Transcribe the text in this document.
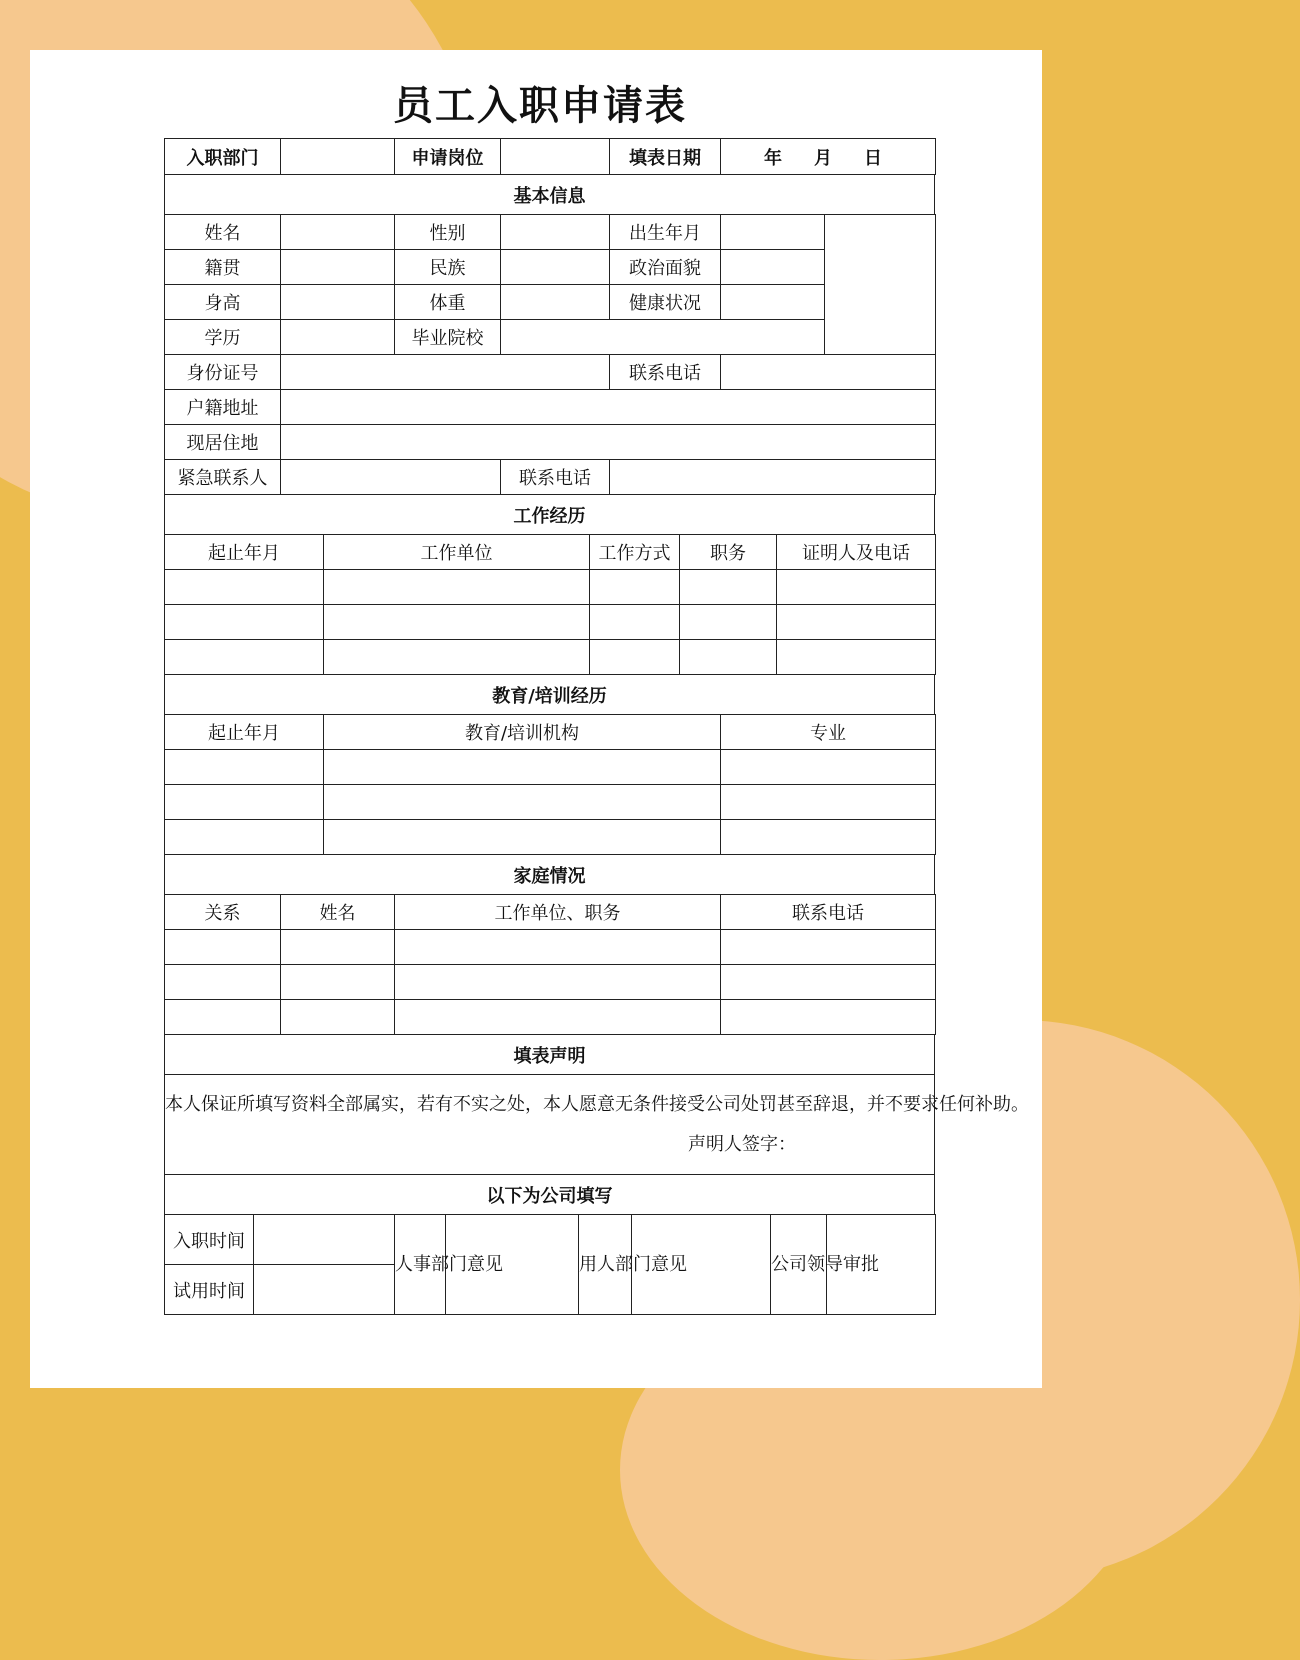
员工入职申请表
入职部门		申请岗位		填表日期	年 月 日
基本信息
姓名		性别		出生年月		
籍贯		民族		政治面貌		
身高		体重		健康状况		
学历		毕业院校				
身份证号				联系电话		
户籍地址						
现居住地						
紧急联系人			联系电话			
工作经历
起止年月	工作单位	工作方式	职务	证明人及电话

教育/培训经历
起止年月	教育/培训机构	专业

家庭情况
关系	姓名	工作单位、职务	联系电话

填表声明
本人保证所填写资料全部属实，若有不实之处，本人愿意无条件接受公司处罚甚至辞退，并不要求任何补助。
声明人签字：
以下为公司填写
入职时间		人事部门意见		用人部门意见		公司领导审批	
试用时间							
